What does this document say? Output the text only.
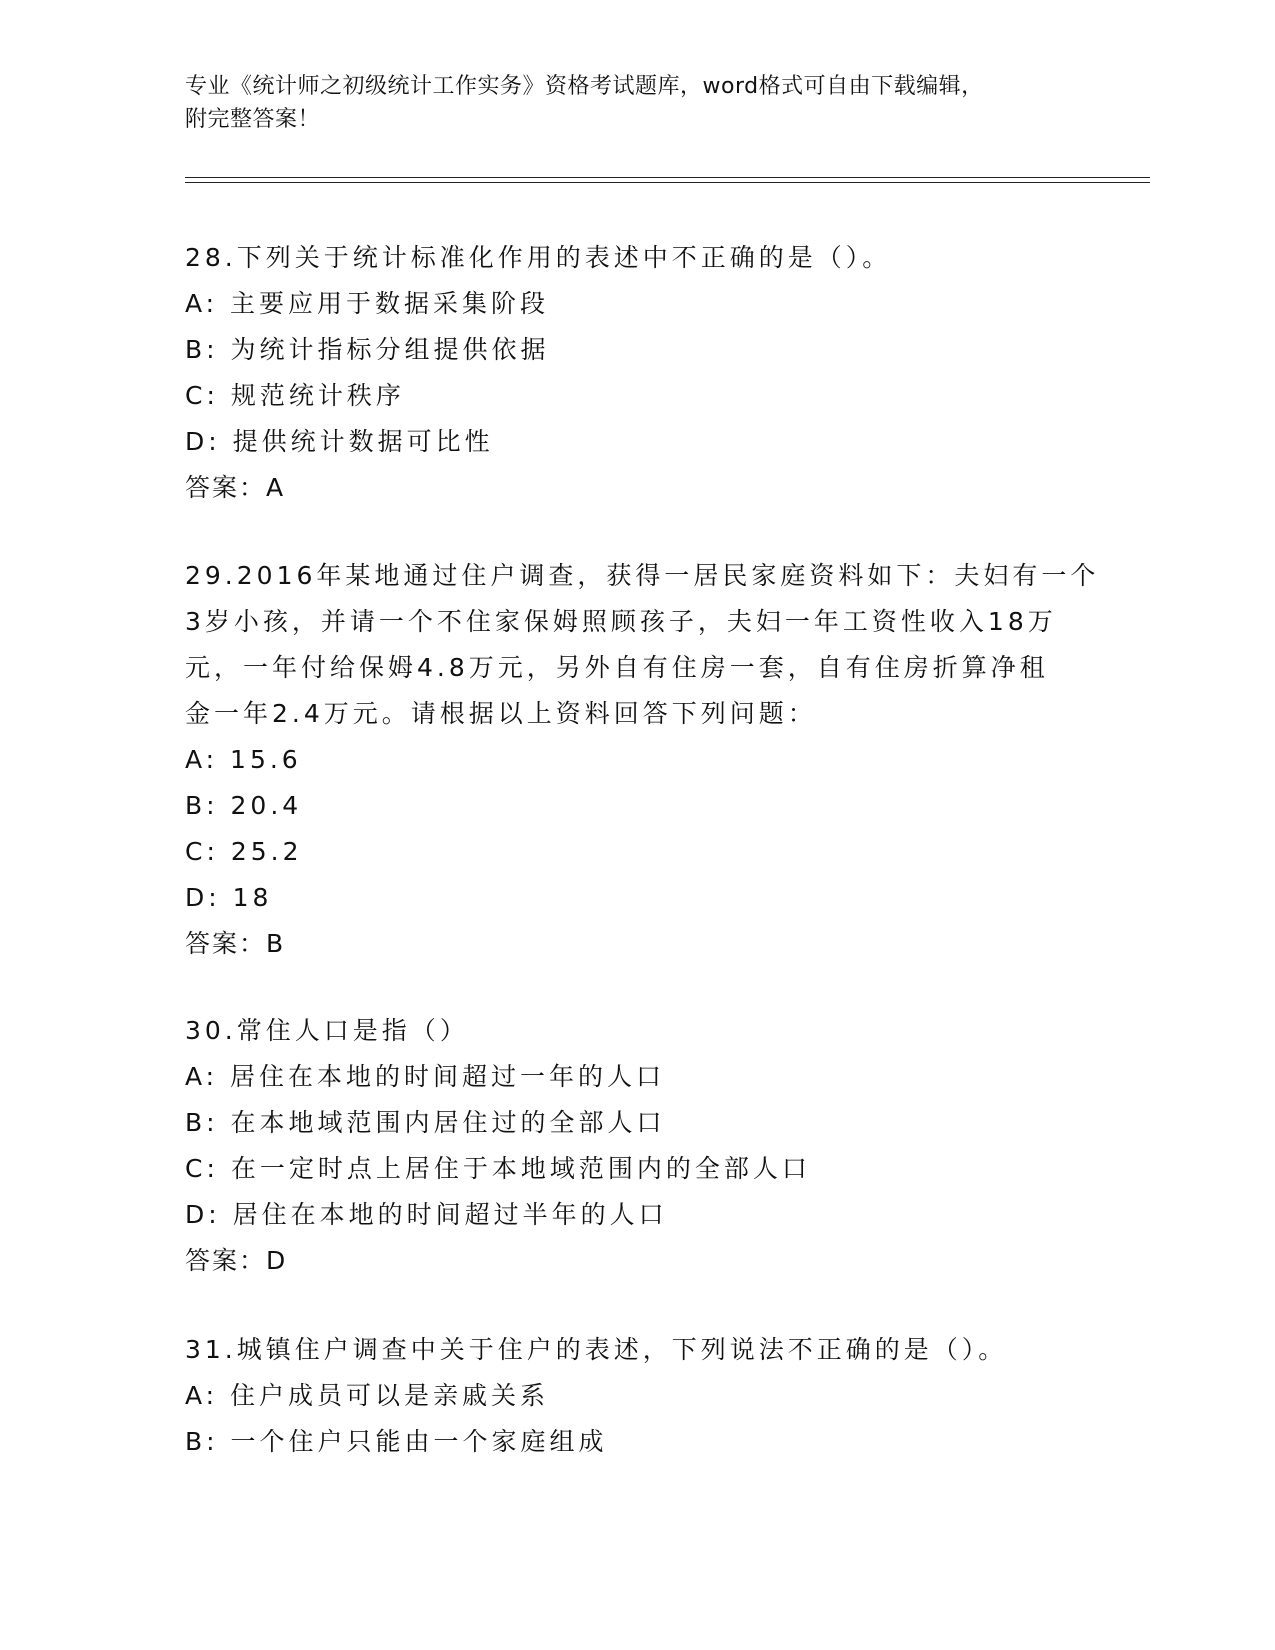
专业《统计师之初级统计工作实务》资格考试题库，word格式可自由下载编辑，
附完整答案！
28.下列关于统计标准化作用的表述中不正确的是（）。
A: 主要应用于数据采集阶段
B: 为统计指标分组提供依据
C: 规范统计秩序
D: 提供统计数据可比性
答案：A
29.2016年某地通过住户调查，获得一居民家庭资料如下：夫妇有一个
3岁小孩，并请一个不住家保姆照顾孩子，夫妇一年工资性收入18万
元，一年付给保姆4.8万元，另外自有住房一套，自有住房折算净租
金一年2.4万元。请根据以上资料回答下列问题：
A: 15.6
B: 20.4
C: 25.2
D: 18
答案：B
30.常住人口是指（）
A: 居住在本地的时间超过一年的人口
B: 在本地域范围内居住过的全部人口
C: 在一定时点上居住于本地域范围内的全部人口
D: 居住在本地的时间超过半年的人口
答案：D
31.城镇住户调查中关于住户的表述，下列说法不正确的是（）。
A: 住户成员可以是亲戚关系
B: 一个住户只能由一个家庭组成
